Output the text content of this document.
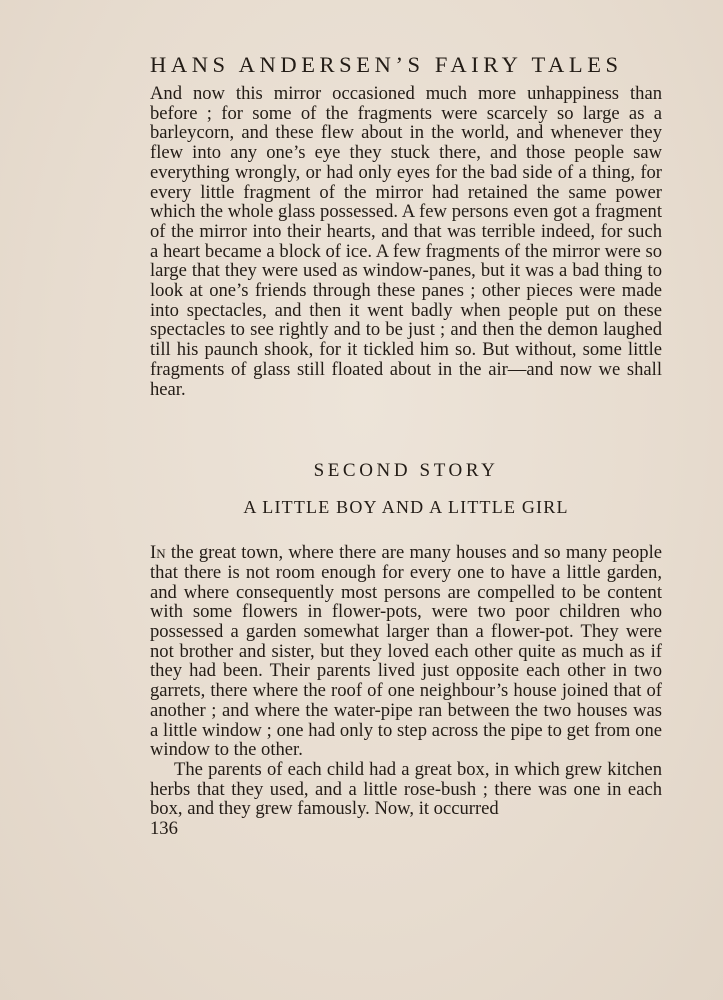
HANS ANDERSEN’S FAIRY TALES

And now this mirror occasioned much more unhappiness than before ; for some of the fragments were scarcely so large as a barleycorn, and these flew about in the world, and whenever they flew into any one’s eye they stuck there, and those people saw everything wrongly, or had only eyes for the bad side of a thing, for every little fragment of the mirror had retained the same power which the whole glass possessed. A few persons even got a fragment of the mirror into their hearts, and that was terrible indeed, for such a heart became a block of ice. A few fragments of the mirror were so large that they were used as window-panes, but it was a bad thing to look at one’s friends through these panes ; other pieces were made into spectacles, and then it went badly when people put on these spectacles to see rightly and to be just ; and then the demon laughed till his paunch shook, for it tickled him so. But without, some little fragments of glass still floated about in the air—and now we shall hear.

SECOND STORY
A LITTLE BOY AND A LITTLE GIRL

In the great town, where there are many houses and so many people that there is not room enough for every one to have a little garden, and where consequently most persons are compelled to be content with some flowers in flower-pots, were two poor children who possessed a garden somewhat larger than a flower-pot. They were not brother and sister, but they loved each other quite as much as if they had been. Their parents lived just opposite each other in two garrets, there where the roof of one neighbour’s house joined that of another ; and where the water-pipe ran between the two houses was a little window ; one had only to step across the pipe to get from one window to the other.

The parents of each child had a great box, in which grew kitchen herbs that they used, and a little rose-bush ; there was one in each box, and they grew famously. Now, it occurred

136
